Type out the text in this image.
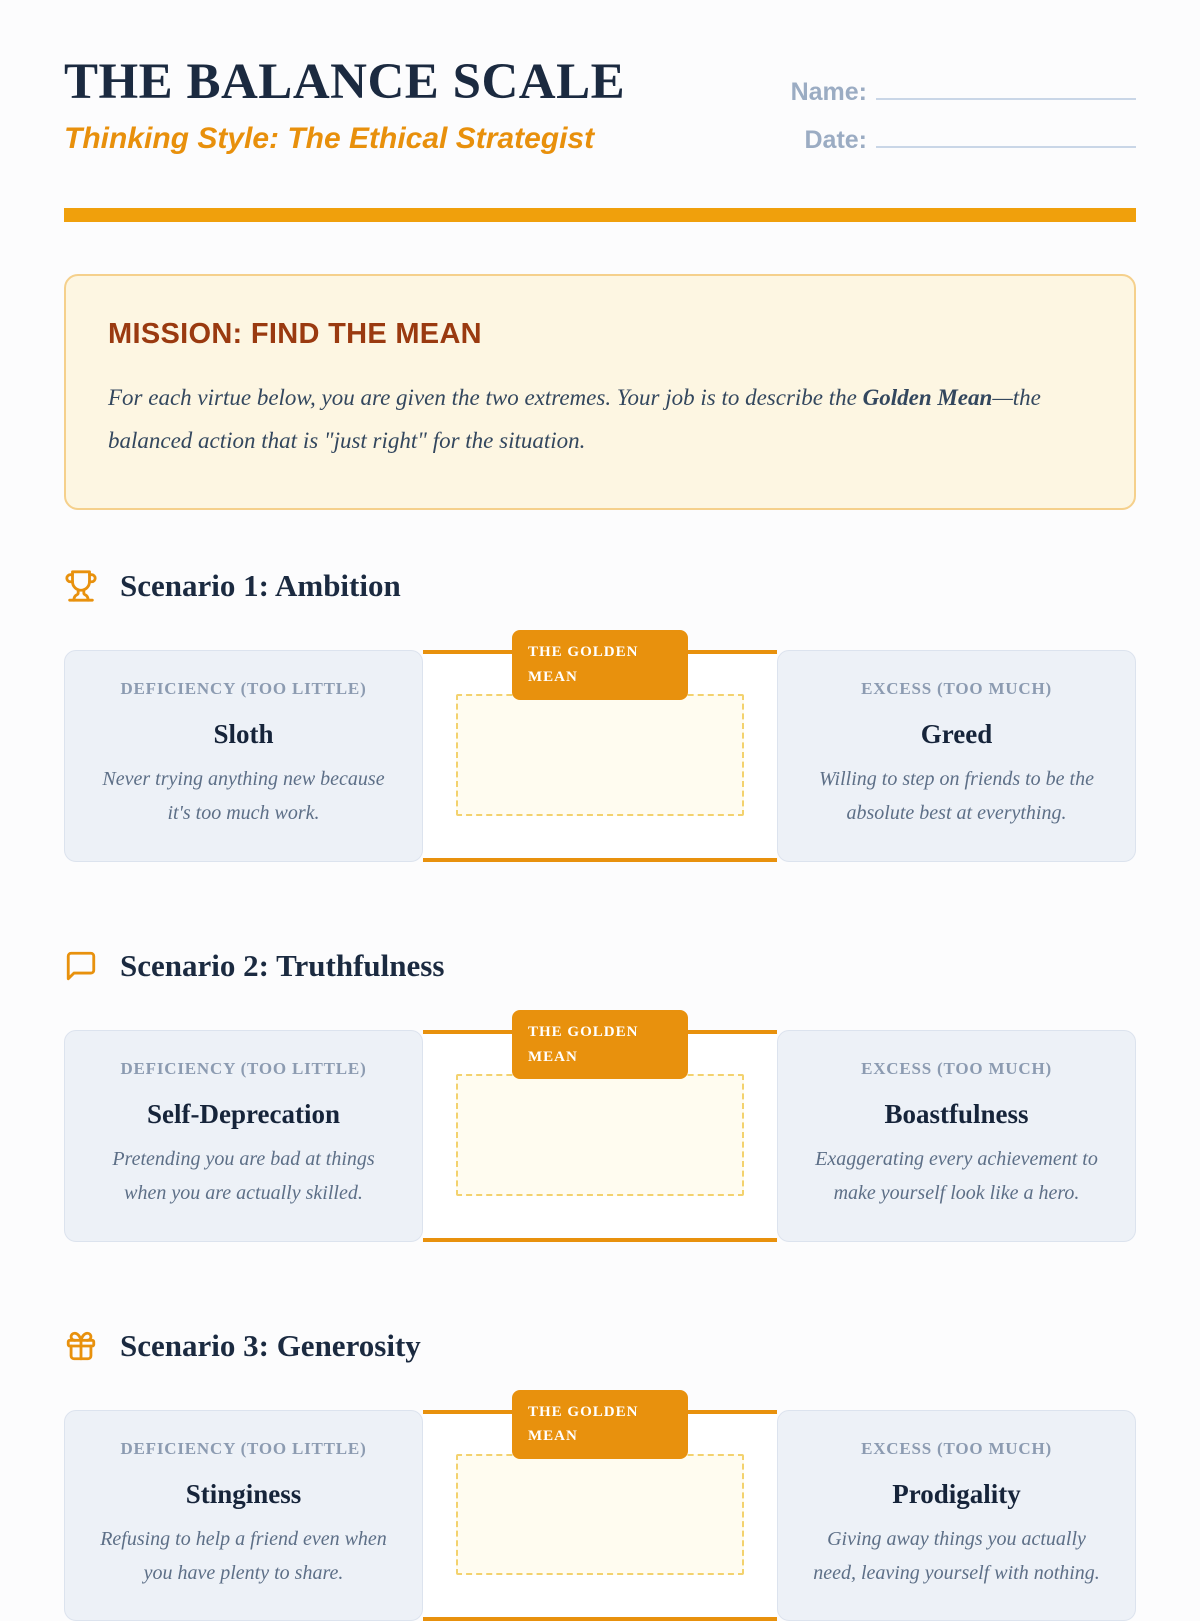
THE BALANCE SCALE
Thinking Style: The Ethical Strategist
Name:
Date:
MISSION: FIND THE MEAN

For each virtue below, you are given the two extremes. Your job is to describe the Golden Mean—the balanced action that is "just right" for the situation.

Scenario 1: Ambition
DEFICIENCY (TOO LITTLE)
Sloth
Never trying anything new because it's too much work.
THE GOLDEN MEAN
EXCESS (TOO MUCH)
Greed
Willing to step on friends to be the absolute best at everything.
Scenario 2: Truthfulness
DEFICIENCY (TOO LITTLE)
Self-Deprecation
Pretending you are bad at things when you are actually skilled.
THE GOLDEN MEAN
EXCESS (TOO MUCH)
Boastfulness
Exaggerating every achievement to make yourself look like a hero.
Scenario 3: Generosity
DEFICIENCY (TOO LITTLE)
Stinginess
Refusing to help a friend even when you have plenty to share.
THE GOLDEN MEAN
EXCESS (TOO MUCH)
Prodigality
Giving away things you actually need, leaving yourself with nothing.
